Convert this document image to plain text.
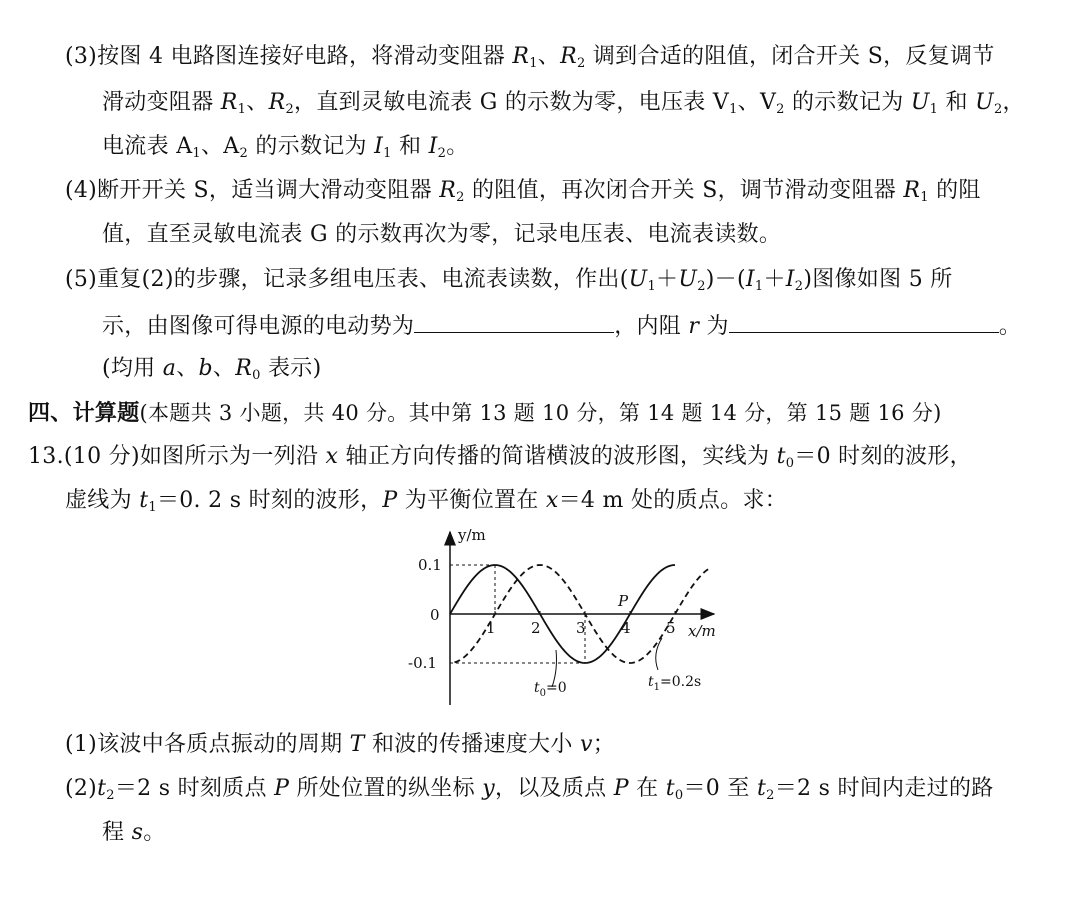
(3)按图 4 电路图连接好电路，将滑动变阻器 $R_1$、$R_2$ 调到合适的阻值，闭合开关 S，反复调节
滑动变阻器 $R_1$、$R_2$，直到灵敏电流表 G 的示数为零，电压表 $V_1$、$V_2$ 的示数记为 $U_1$ 和 $U_2$，
电流表 $A_1$、$A_2$ 的示数记为 $I_1$ 和 $I_2$。
(4)断开开关 S，适当调大滑动变阻器 $R_2$ 的阻值，再次闭合开关 S，调节滑动变阻器 $R_1$ 的阻
值，直至灵敏电流表 G 的示数再次为零，记录电压表、电流表读数。
(5)重复(2)的步骤，记录多组电压表、电流表读数，作出$(U_1+U_2)-(I_1+I_2)$图像如图 5 所
示，由图像可得电源的电动势为	，内阻 r 为	。
(均用 a、b、$R_0$ 表示)
四、计算题(本题共 3 小题，共 40 分。其中第 13 题 10 分，第 14 题 14 分，第 15 题 16 分)
13.(10 分)如图所示为一列沿 x 轴正方向传播的简谐横波的波形图，实线为 $t_0=0$ 时刻的波形，
虚线为 $t_1=0$. 2 s 时刻的波形，P 为平衡位置在 x＝4 m 处的质点。求：
y/m
x/m
0
0.1
-0.1
1 2 3 4 5
P
$t_0=0$	$t_1=0.2s$
(1)该波中各质点振动的周期 T 和波的传播速度大小 v；
$(2)t_2=2$ s 时刻质点 P 所处位置的纵坐标 y，以及质点 P 在 $t_0=0$ 至 $t_2=2$ s 时间内走过的路
程 s。
